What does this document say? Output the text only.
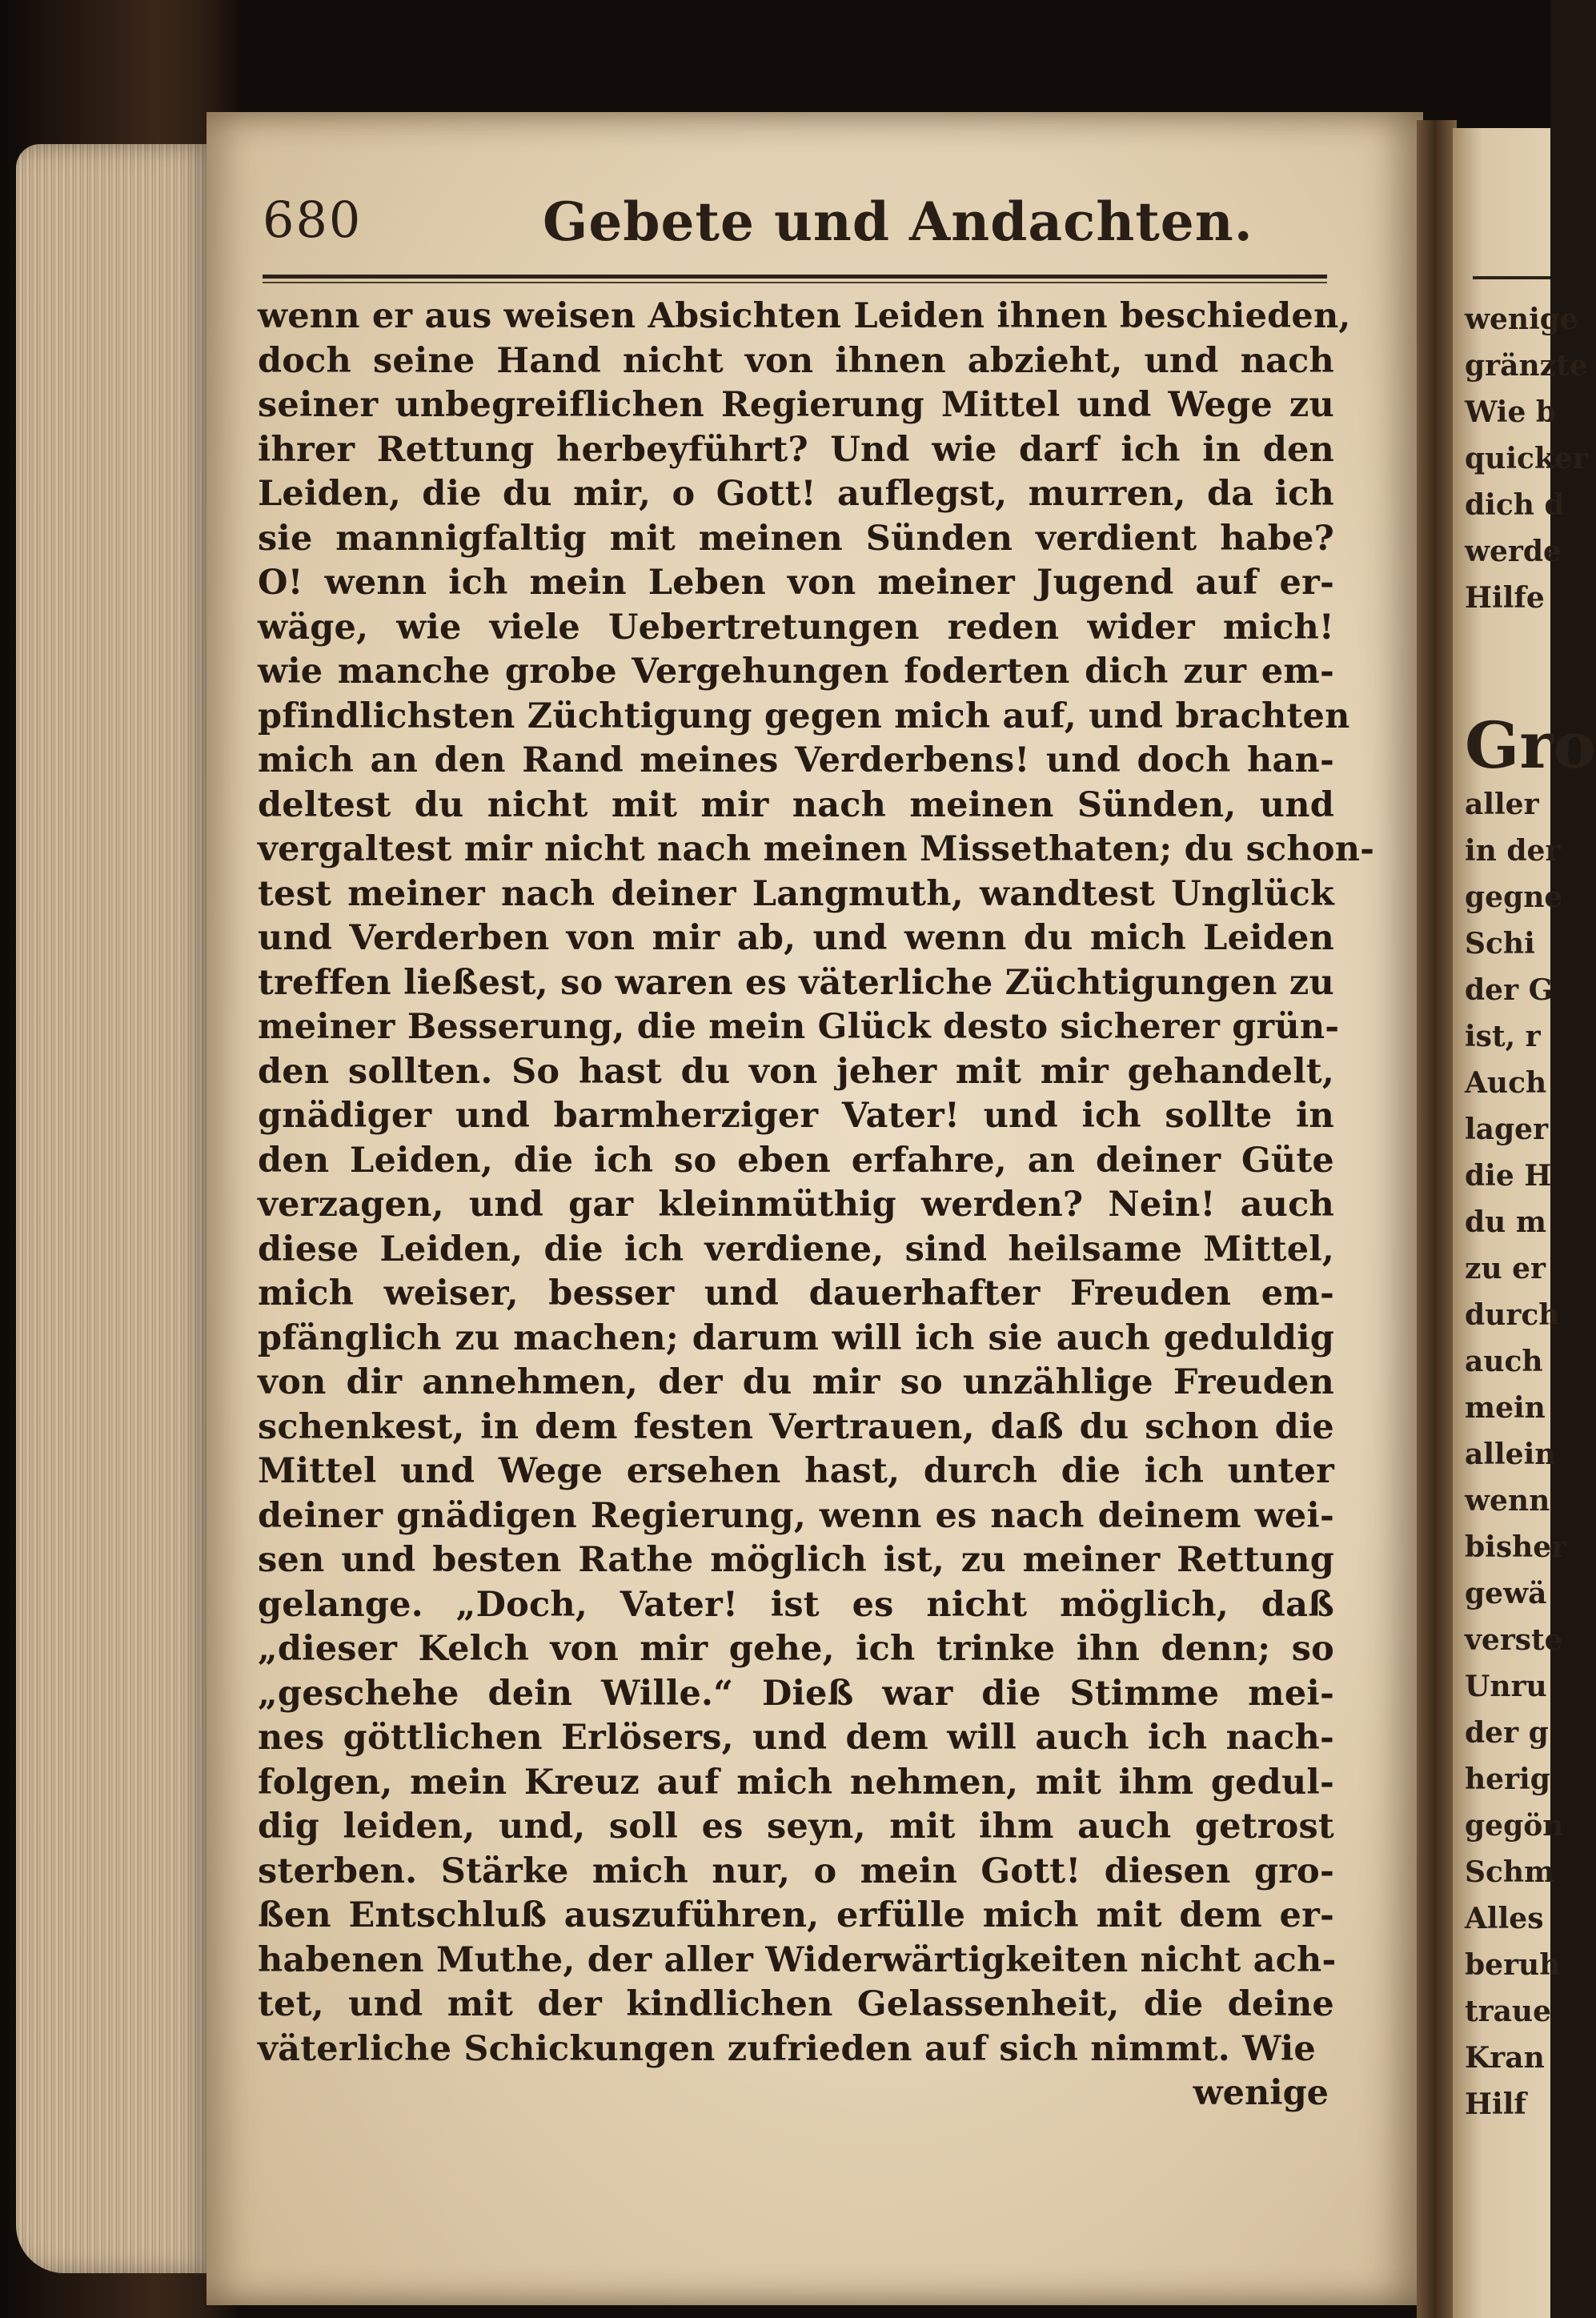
680	Gebete und Andachten.
wenn er aus weisen Absichten Leiden ihnen beschieden,
doch seine Hand nicht von ihnen abzieht, und nach
seiner unbegreiflichen Regierung Mittel und Wege zu
ihrer Rettung herbeyführt? Und wie darf ich in den
Leiden, die du mir, o Gott! auflegst, murren, da ich
sie mannigfaltig mit meinen Sünden verdient habe?
O! wenn ich mein Leben von meiner Jugend auf er-
wäge, wie viele Uebertretungen reden wider mich!
wie manche grobe Vergehungen foderten dich zur em-
pfindlichsten Züchtigung gegen mich auf, und brachten
mich an den Rand meines Verderbens! und doch han-
deltest du nicht mit mir nach meinen Sünden, und
vergaltest mir nicht nach meinen Missethaten; du schon-
test meiner nach deiner Langmuth, wandtest Unglück
und Verderben von mir ab, und wenn du mich Leiden
treffen ließest, so waren es väterliche Züchtigungen zu
meiner Besserung, die mein Glück desto sicherer grün-
den sollten. So hast du von jeher mit mir gehandelt,
gnädiger und barmherziger Vater! und ich sollte in
den Leiden, die ich so eben erfahre, an deiner Güte
verzagen, und gar kleinmüthig werden? Nein! auch
diese Leiden, die ich verdiene, sind heilsame Mittel,
mich weiser, besser und dauerhafter Freuden em-
pfänglich zu machen; darum will ich sie auch geduldig
von dir annehmen, der du mir so unzählige Freuden
schenkest, in dem festen Vertrauen, daß du schon die
Mittel und Wege ersehen hast, durch die ich unter
deiner gnädigen Regierung, wenn es nach deinem wei-
sen und besten Rathe möglich ist, zu meiner Rettung
gelange. „Doch, Vater! ist es nicht möglich, daß
„dieser Kelch von mir gehe, ich trinke ihn denn; so
„geschehe dein Wille.“ Dieß war die Stimme mei-
nes göttlichen Erlösers, und dem will auch ich nach-
folgen, mein Kreuz auf mich nehmen, mit ihm gedul-
dig leiden, und, soll es seyn, mit ihm auch getrost
sterben. Stärke mich nur, o mein Gott! diesen gro-
ßen Entschluß auszuführen, erfülle mich mit dem er-
habenen Muthe, der aller Widerwärtigkeiten nicht ach-
tet, und mit der kindlichen Gelassenheit, die deine
väterliche Schickungen zufrieden auf sich nimmt. Wie
wenige
wenige
gränzte
Wie b
quicker
dich d
werde
Hilfe
Gro
aller
in der
gegne
Schi
der G
ist, r
Auch
lager
die H
du m
zu er
durch
auch
mein
allein
wenn
bisher
gewä
verste
Unru
der g
herig
gegön
Schm
Alles
beruh
traue
Kran
Hilf
